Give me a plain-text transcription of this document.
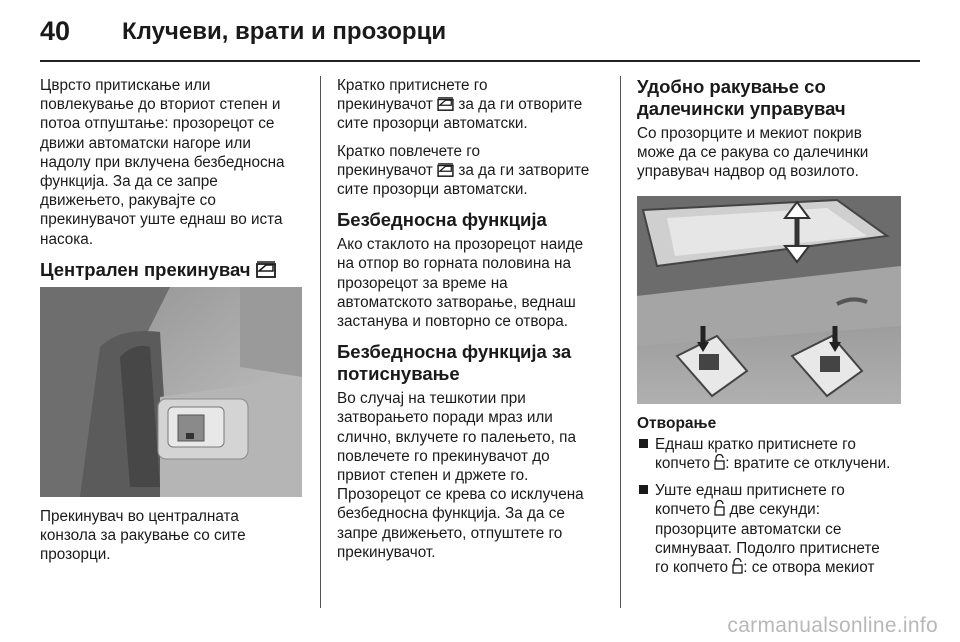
40 Клучеви, врати и прозорци

Цврсто притискање или
повлекување до вториот степен и
потоа отпуштање: прозорецот се
движи автоматски нагоре или
надолу при вклучена безбедносна
функција. За да се запре
движењето, ракувајте со
прекинувачот уште еднаш во иста
насока.

Централен прекинувач

Прекинувач во централната
конзола за ракување со сите
прозорци.

Кратко притиснете го
прекинувачот за да ги отворите
сите прозорци автоматски.

Кратко повлечете го
прекинувачот за да ги затворите
сите прозорци автоматски.

Безбедносна функција

Ако стаклото на прозорецот наиде
на отпор во горната половина на
прозорецот за време на
автоматското затворање, веднаш
застанува и повторно се отвора.

Безбедносна функција за
потиснување

Во случај на тешкотии при
затворањето поради мраз или
слично, вклучете го палењето, па
повлечете го прекинувачот до
првиот степен и држете го.
Прозорецот се крева со исклучена
безбедносна функција. За да се
запре движењето, отпуштете го
прекинувачот.

Удобно ракување со
далечински управувач

Со прозорците и мекиот покрив
може да се ракува со далечинки
управувач надвор од возилото.

Отворање
Еднаш кратко притиснете го
копчето : вратите се отклучени.
Уште еднаш притиснете го
копчето две секунди:
прозорците автоматски се
симнуваат. Подолго притиснете
го копчето : се отвора мекиот
carmanualsonline.info
